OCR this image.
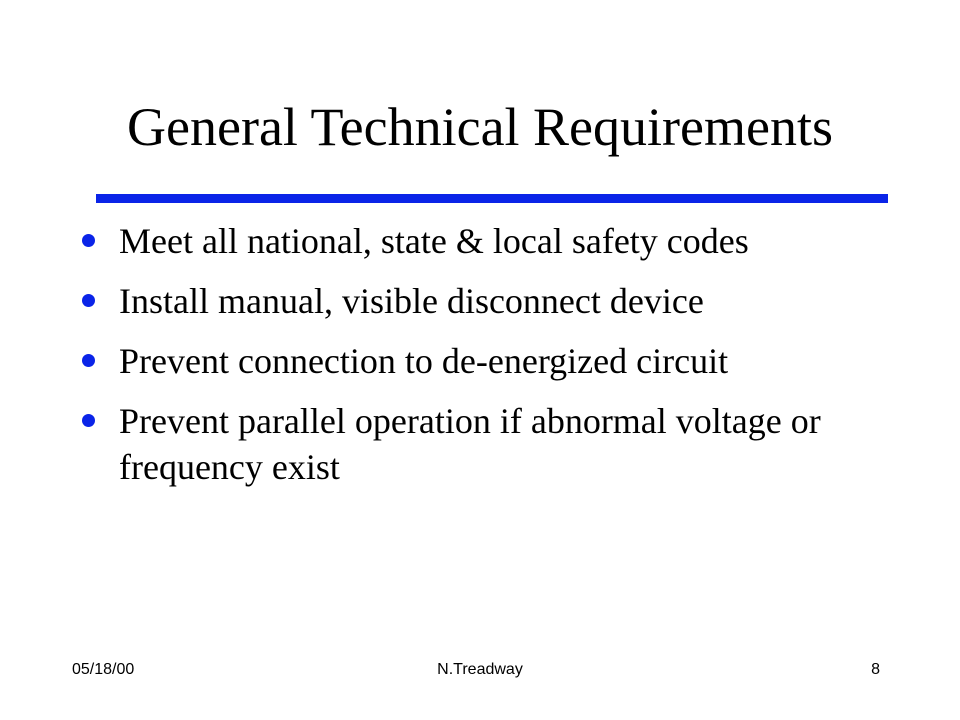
General Technical Requirements
Meet all national, state & local safety codes
Install manual, visible disconnect device
Prevent connection to de-energized circuit
Prevent parallel operation if abnormal voltage or frequency exist
05/18/00	N.Treadway	8
